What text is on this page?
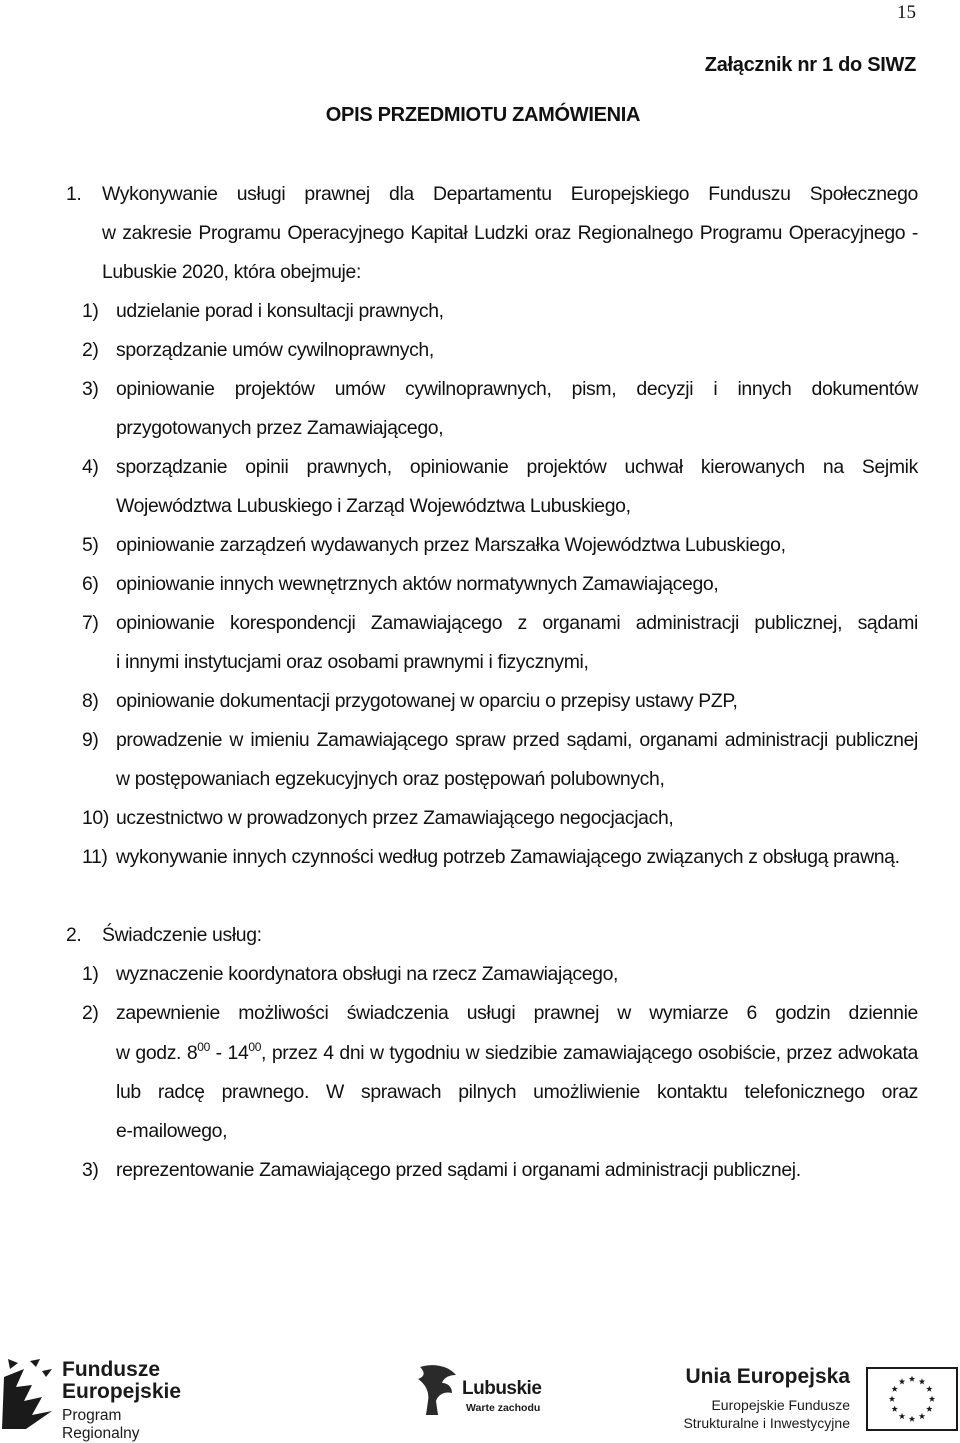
15
Załącznik nr 1 do SIWZ
OPIS PRZEDMIOTU ZAMÓWIENIA
1. Wykonywanie usługi prawnej dla Departamentu Europejskiego Funduszu Społecznego
w zakresie Programu Operacyjnego Kapitał Ludzki oraz Regionalnego Programu Operacyjnego -
Lubuskie 2020, która obejmuje:
1) udzielanie porad i konsultacji prawnych,
2) sporządzanie umów cywilnoprawnych,
3) opiniowanie projektów umów cywilnoprawnych, pism, decyzji i innych dokumentów
przygotowanych przez Zamawiającego,
4) sporządzanie opinii prawnych, opiniowanie projektów uchwał kierowanych na Sejmik
Województwa Lubuskiego i Zarząd Województwa Lubuskiego,
5) opiniowanie zarządzeń wydawanych przez Marszałka Województwa Lubuskiego,
6) opiniowanie innych wewnętrznych aktów normatywnych Zamawiającego,
7) opiniowanie korespondencji Zamawiającego z organami administracji publicznej, sądami
i innymi instytucjami oraz osobami prawnymi i fizycznymi,
8) opiniowanie dokumentacji przygotowanej w oparciu o przepisy ustawy PZP,
9) prowadzenie w imieniu Zamawiającego spraw przed sądami, organami administracji publicznej
w postępowaniach egzekucyjnych oraz postępowań polubownych,
10) uczestnictwo w prowadzonych przez Zamawiającego negocjacjach,
11) wykonywanie innych czynności według potrzeb Zamawiającego związanych z obsługą prawną.
2. Świadczenie usług:
1) wyznaczenie koordynatora obsługi na rzecz Zamawiającego,
2) zapewnienie możliwości świadczenia usługi prawnej w wymiarze 6 godzin dziennie
w godz. $8^{00} - 14^{00}$, przez 4 dni w tygodniu w siedzibie zamawiającego osobiście, przez adwokata
lub radcę prawnego. W sprawach pilnych umożliwienie kontaktu telefonicznego oraz
e-mailowego,
3) reprezentowanie Zamawiającego przed sądami i organami administracji publicznej.
Fundusze
Europejskie
Program Regionalny
Lubuskie
Warte zachodu
Unia Europejska
Europejskie Fundusze
Strukturalne i Inwestycyjne
